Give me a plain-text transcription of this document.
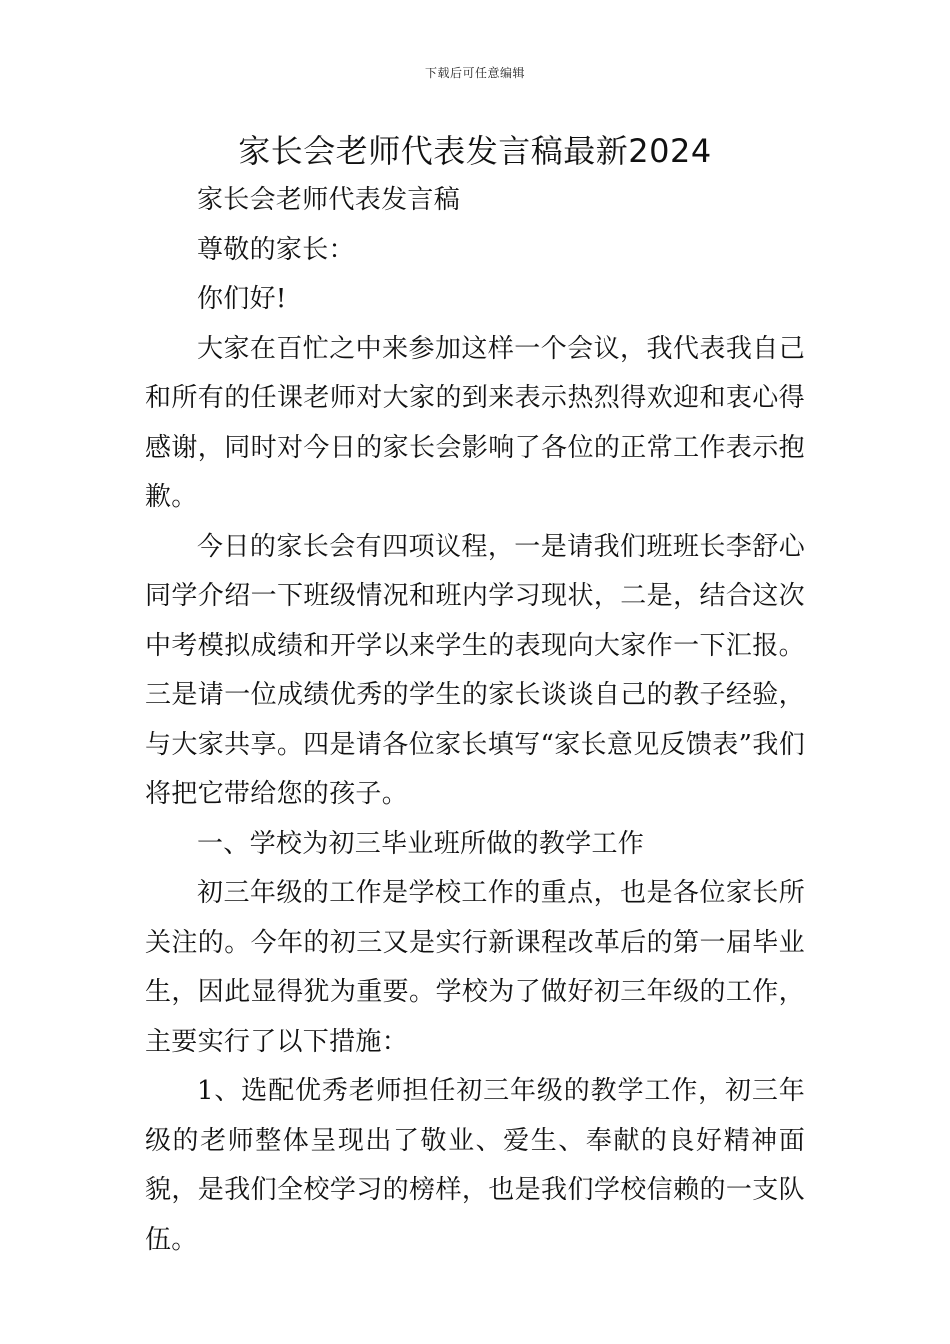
下载后可任意编辑
家长会老师代表发言稿最新2024

家长会老师代表发言稿

尊敬的家长：

你们好!

大家在百忙之中来参加这样一个会议，我代表我自己和所有的任课老师对大家的到来表示热烈得欢迎和衷心得感谢，同时对今日的家长会影响了各位的正常工作表示抱歉。

今日的家长会有四项议程，一是请我们班班长李舒心同学介绍一下班级情况和班内学习现状，二是，结合这次中考模拟成绩和开学以来学生的表现向大家作一下汇报。三是请一位成绩优秀的学生的家长谈谈自己的教子经验，与大家共享。四是请各位家长填写“家长意见反馈表”我们将把它带给您的孩子。

一、学校为初三毕业班所做的教学工作

初三年级的工作是学校工作的重点，也是各位家长所关注的。今年的初三又是实行新课程改革后的第一届毕业生，因此显得犹为重要。学校为了做好初三年级的工作，主要实行了以下措施：

1、选配优秀老师担任初三年级的教学工作，初三年级的老师整体呈现出了敬业、爱生、奉献的良好精神面貌，是我们全校学习的榜样，也是我们学校信赖的一支队伍。
